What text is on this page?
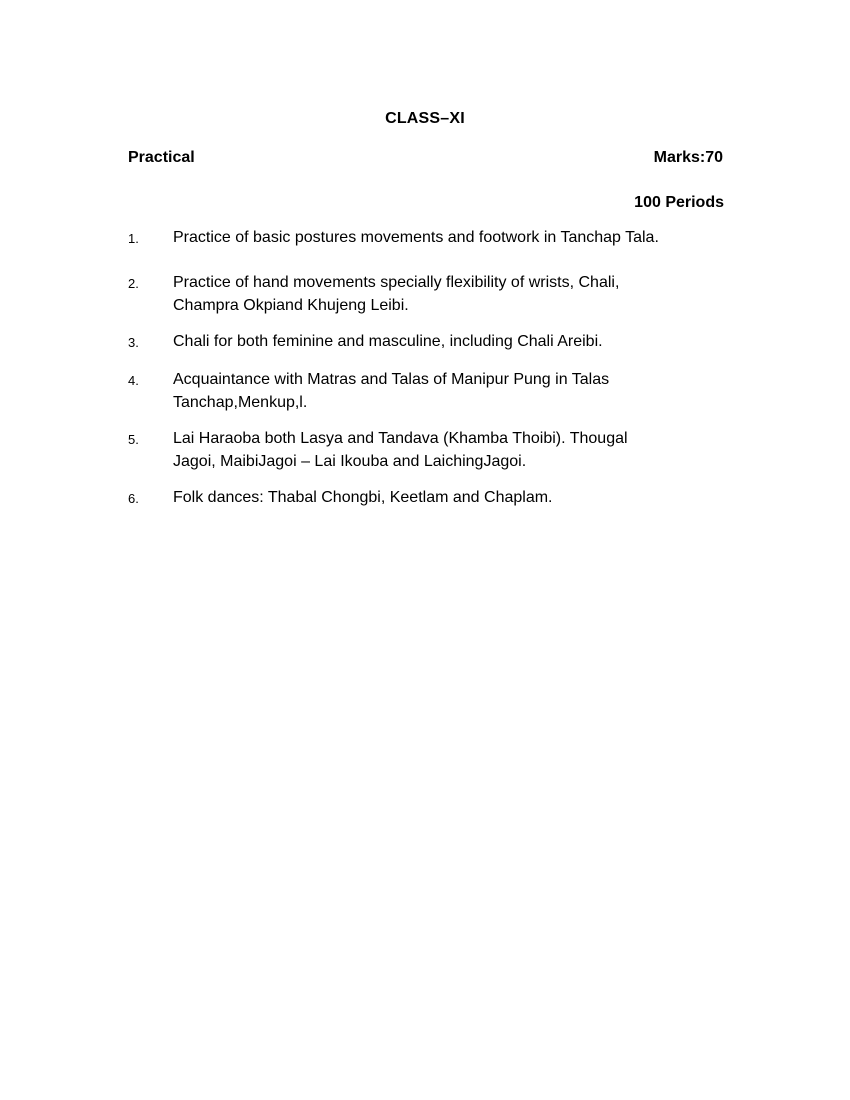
CLASS–XI
Practical	Marks:70
100 Periods
1.	Practice of basic postures movements and footwork in Tanchap Tala.
2.	Practice of hand movements specially flexibility of wrists, Chali, Champra Okpiand Khujeng Leibi.
3.	Chali for both feminine and masculine, including Chali Areibi.
4.	Acquaintance with Matras and Talas of Manipur Pung in Talas Tanchap,Menkup,l.
5.	Lai Haraoba both Lasya and Tandava (Khamba Thoibi). Thougal Jagoi, MaibiJagoi – Lai Ikouba and LaichingJagoi.
6.	Folk dances: Thabal Chongbi, Keetlam and Chaplam.
